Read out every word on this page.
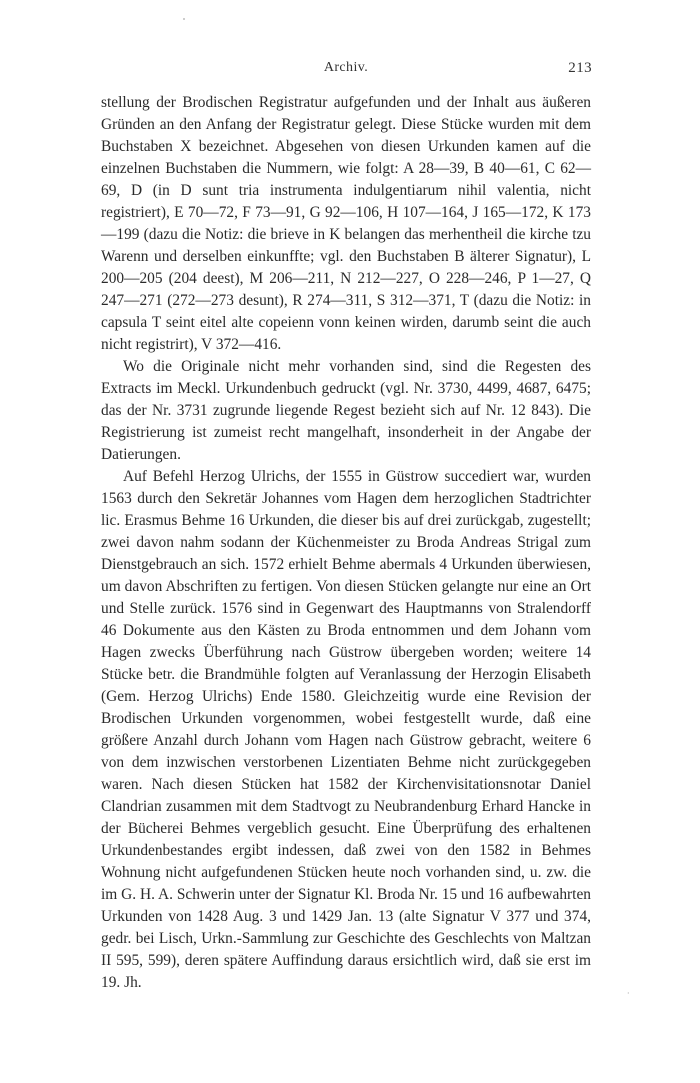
Archiv.	213

stellung der Brodischen Registratur aufgefunden und der Inhalt aus äußeren Gründen an den Anfang der Registratur gelegt. Diese Stücke wurden mit dem Buchstaben X bezeichnet. Abgesehen von diesen Urkunden kamen auf die einzelnen Buchstaben die Nummern, wie folgt: A 28—39, B 40—61, C 62—69, D (in D sunt tria instrumenta indulgentiarum nihil valentia, nicht registriert), E 70—72, F 73—91, G 92—106, H 107—164, J 165—172, K 173—199 (dazu die Notiz: die brieve in K belangen das merhentheil die kirche tzu Warenn und derselben einkunffte; vgl. den Buchstaben B älterer Signatur), L 200—205 (204 deest), M 206—211, N 212—227, O 228—246, P 1—27, Q 247—271 (272—273 desunt), R 274—311, S 312—371, T (dazu die Notiz: in capsula T seint eitel alte copeienn vonn keinen wirden, darumb seint die auch nicht registrirt), V 372—416.

Wo die Originale nicht mehr vorhanden sind, sind die Regesten des Extracts im Meckl. Urkundenbuch gedruckt (vgl. Nr. 3730, 4499, 4687, 6475; das der Nr. 3731 zugrunde liegende Regest bezieht sich auf Nr. 12 843). Die Registrierung ist zumeist recht mangelhaft, insonderheit in der Angabe der Datierungen.

Auf Befehl Herzog Ulrichs, der 1555 in Güstrow succediert war, wurden 1563 durch den Sekretär Johannes vom Hagen dem herzoglichen Stadtrichter lic. Erasmus Behme 16 Urkunden, die dieser bis auf drei zurückgab, zugestellt; zwei davon nahm sodann der Küchenmeister zu Broda Andreas Strigal zum Dienstgebrauch an sich. 1572 erhielt Behme abermals 4 Urkunden überwiesen, um davon Abschriften zu fertigen. Von diesen Stücken gelangte nur eine an Ort und Stelle zurück. 1576 sind in Gegenwart des Hauptmanns von Stralendorff 46 Dokumente aus den Kästen zu Broda entnommen und dem Johann vom Hagen zwecks Überführung nach Güstrow übergeben worden; weitere 14 Stücke betr. die Brandmühle folgten auf Veranlassung der Herzogin Elisabeth (Gem. Herzog Ulrichs) Ende 1580. Gleichzeitig wurde eine Revision der Brodischen Urkunden vorgenommen, wobei festgestellt wurde, daß eine größere Anzahl durch Johann vom Hagen nach Güstrow gebracht, weitere 6 von dem inzwischen verstorbenen Lizentiaten Behme nicht zurückgegeben waren. Nach diesen Stücken hat 1582 der Kirchenvisitationsnotar Daniel Clandrian zusammen mit dem Stadtvogt zu Neubrandenburg Erhard Hancke in der Bücherei Behmes vergeblich gesucht. Eine Überprüfung des erhaltenen Urkundenbestandes ergibt indessen, daß zwei von den 1582 in Behmes Wohnung nicht aufgefundenen Stücken heute noch vorhanden sind, u. zw. die im G. H. A. Schwerin unter der Signatur Kl. Broda Nr. 15 und 16 aufbewahrten Urkunden von 1428 Aug. 3 und 1429 Jan. 13 (alte Signatur V 377 und 374, gedr. bei Lisch, Urkn.-Sammlung zur Geschichte des Geschlechts von Maltzan II 595, 599), deren spätere Auffindung daraus ersichtlich wird, daß sie erst im 19. Jh.

·
